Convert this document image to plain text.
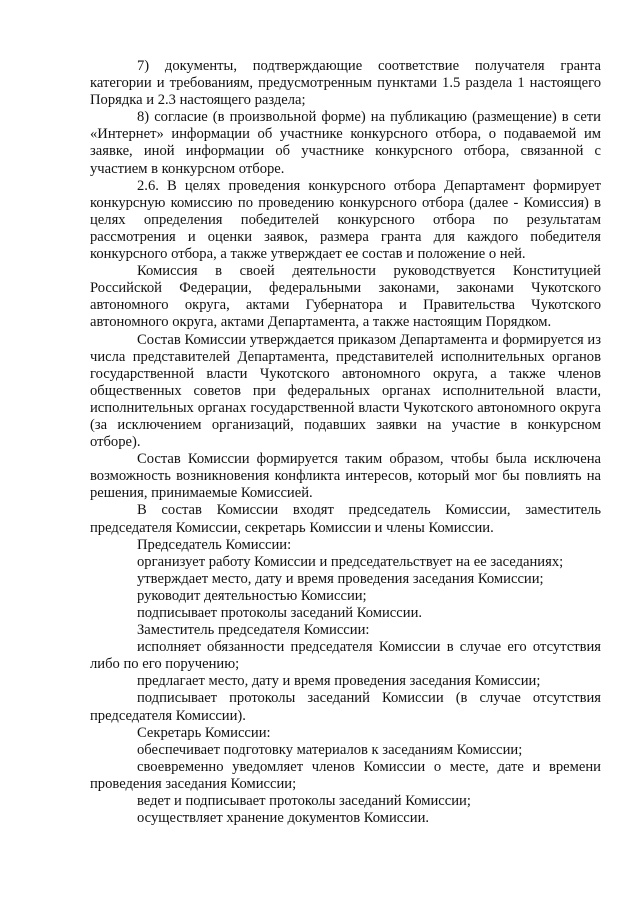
7) документы, подтверждающие соответствие получателя гранта категории и требованиям, предусмотренным пунктами 1.5 раздела 1 настоящего Порядка и 2.3 настоящего раздела;

8) согласие (в произвольной форме) на публикацию (размещение) в сети «Интернет» информации об участнике конкурсного отбора, о подаваемой им заявке, иной информации об участнике конкурсного отбора, связанной с участием в конкурсном отборе.

2.6. В целях проведения конкурсного отбора Департамент формирует конкурсную комиссию по проведению конкурсного отбора (далее - Комиссия) в целях определения победителей конкурсного отбора по результатам рассмотрения и оценки заявок, размера гранта для каждого победителя конкурсного отбора, а также утверждает ее состав и положение о ней.

Комиссия в своей деятельности руководствуется Конституцией Российской Федерации, федеральными законами, законами Чукотского автономного округа, актами Губернатора и Правительства Чукотского автономного округа, актами Департамента, а также настоящим Порядком.

Состав Комиссии утверждается приказом Департамента и формируется из числа представителей Департамента, представителей исполнительных органов государственной власти Чукотского автономного округа, а также членов общественных советов при федеральных органах исполнительной власти, исполнительных органах государственной власти Чукотского автономного округа (за исключением организаций, подавших заявки на участие в конкурсном отборе).

Состав Комиссии формируется таким образом, чтобы была исключена возможность возникновения конфликта интересов, который мог бы повлиять на решения, принимаемые Комиссией.

В состав Комиссии входят председатель Комиссии, заместитель председателя Комиссии, секретарь Комиссии и члены Комиссии.

Председатель Комиссии:

организует работу Комиссии и председательствует на ее заседаниях;

утверждает место, дату и время проведения заседания Комиссии;

руководит деятельностью Комиссии;

подписывает протоколы заседаний Комиссии.

Заместитель председателя Комиссии:

исполняет обязанности председателя Комиссии в случае его отсутствия либо по его поручению;

предлагает место, дату и время проведения заседания Комиссии;

подписывает протоколы заседаний Комиссии (в случае отсутствия председателя Комиссии).

Секретарь Комиссии:

обеспечивает подготовку материалов к заседаниям Комиссии;

своевременно уведомляет членов Комиссии о месте, дате и времени проведения заседания Комиссии;

ведет и подписывает протоколы заседаний Комиссии;

осуществляет хранение документов Комиссии.
